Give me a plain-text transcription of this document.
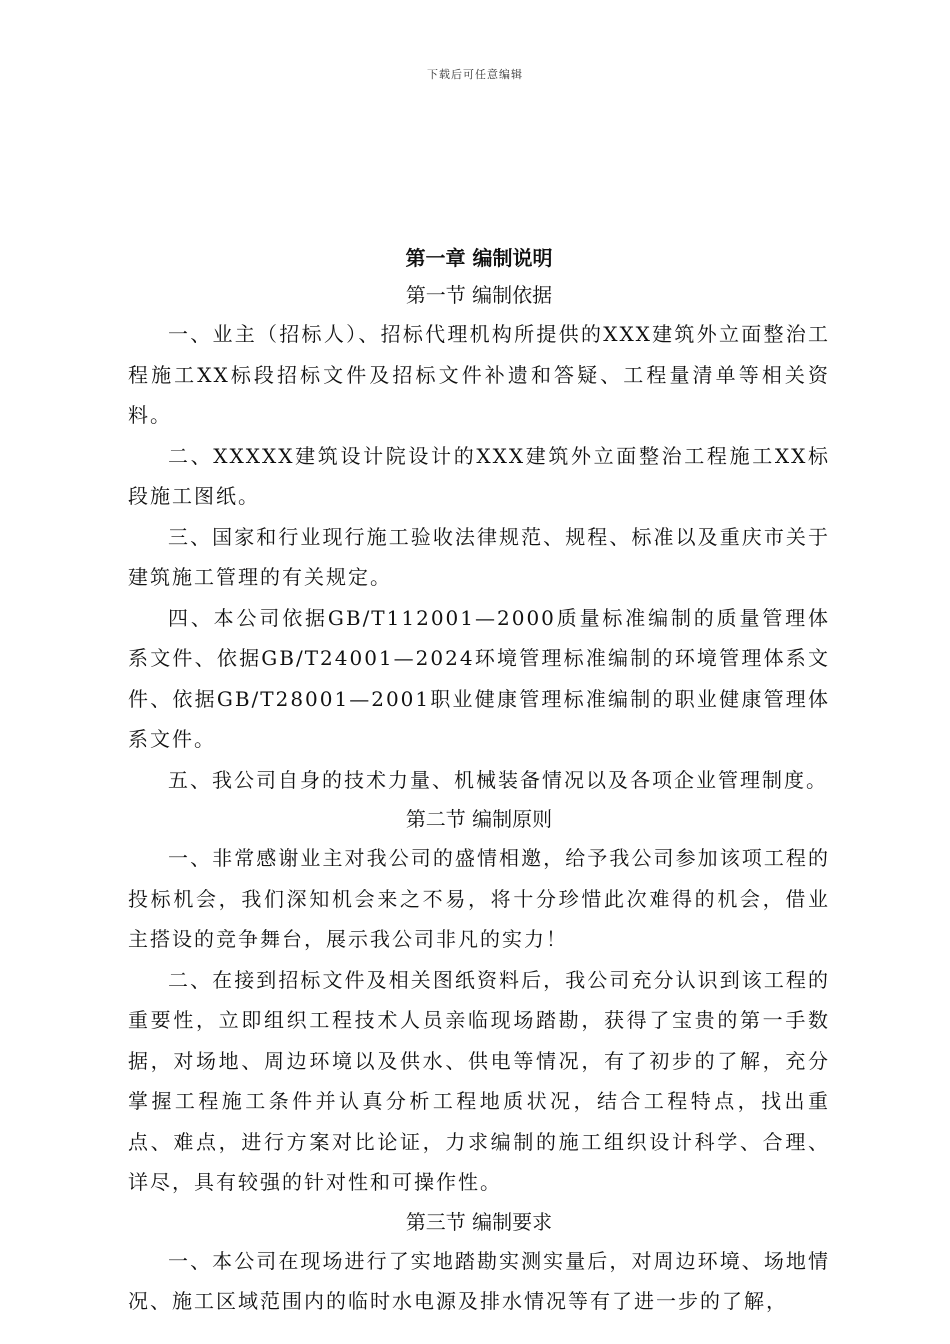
下载后可任意编辑
第一章 编制说明
第一节 编制依据

一、业主（招标人）、招标代理机构所提供的XXX建筑外立面整治工程施工XX标段招标文件及招标文件补遗和答疑、工程量清单等相关资料。

二、XXXXX建筑设计院设计的XXX建筑外立面整治工程施工XX标段施工图纸。

三、国家和行业现行施工验收法律规范、规程、标准以及重庆市关于建筑施工管理的有关规定。

四、本公司依据GB/T112001—2000质量标准编制的质量管理体系文件、依据GB/T24001—2024环境管理标准编制的环境管理体系文件、依据GB/T28001—2001职业健康管理标准编制的职业健康管理体系文件。

五、我公司自身的技术力量、机械装备情况以及各项企业管理制度。

第二节 编制原则

一、非常感谢业主对我公司的盛情相邀，给予我公司参加该项工程的投标机会，我们深知机会来之不易，将十分珍惜此次难得的机会，借业主搭设的竞争舞台，展示我公司非凡的实力！

二、在接到招标文件及相关图纸资料后，我公司充分认识到该工程的重要性，立即组织工程技术人员亲临现场踏勘，获得了宝贵的第一手数据，对场地、周边环境以及供水、供电等情况，有了初步的了解，充分掌握工程施工条件并认真分析工程地质状况，结合工程特点，找出重点、难点，进行方案对比论证，力求编制的施工组织设计科学、合理、详尽，具有较强的针对性和可操作性。

第三节 编制要求

一、本公司在现场进行了实地踏勘实测实量后，对周边环境、场地情况、施工区域范围内的临时水电源及排水情况等有了进一步的了解，
